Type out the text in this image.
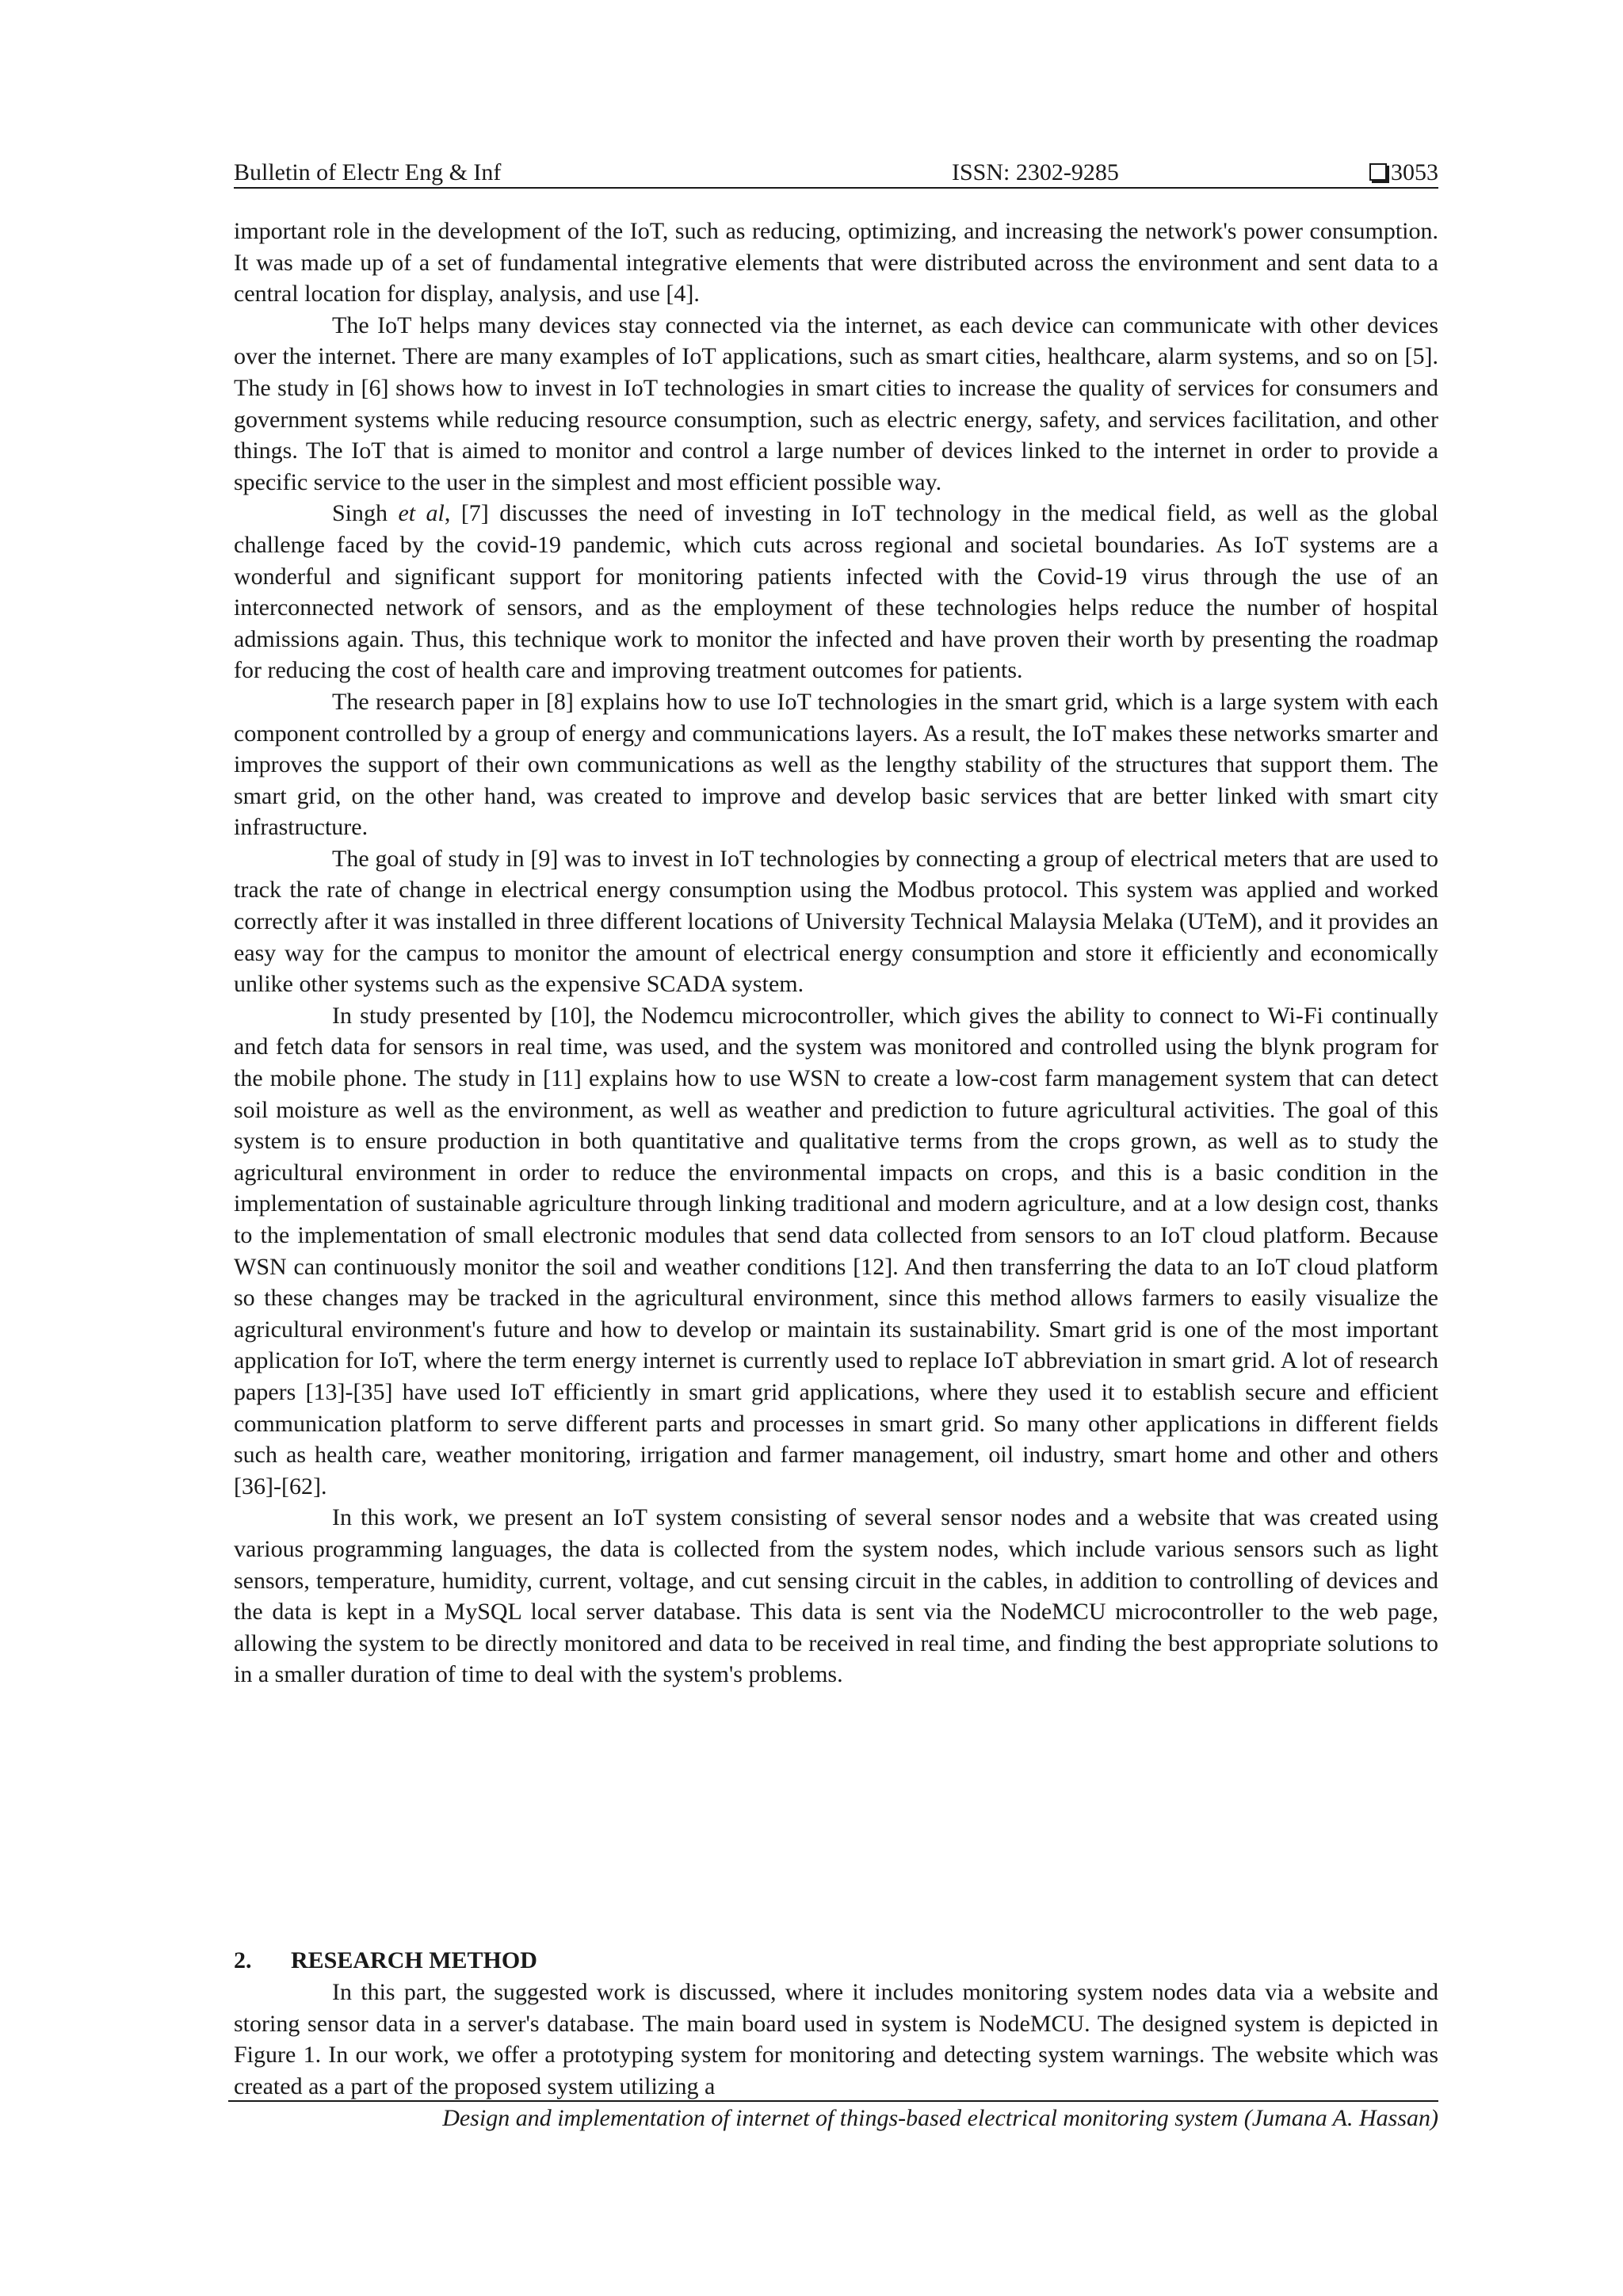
Bulletin of Electr Eng & Inf	ISSN: 2302-9285	3053

important role in the development of the IoT, such as reducing, optimizing, and increasing the network's power consumption. It was made up of a set of fundamental integrative elements that were distributed across the environment and sent data to a central location for display, analysis, and use [4].

The IoT helps many devices stay connected via the internet, as each device can communicate with other devices over the internet. There are many examples of IoT applications, such as smart cities, healthcare, alarm systems, and so on [5]. The study in [6] shows how to invest in IoT technologies in smart cities to increase the quality of services for consumers and government systems while reducing resource consumption, such as electric energy, safety, and services facilitation, and other things. The IoT that is aimed to monitor and control a large number of devices linked to the internet in order to provide a specific service to the user in the simplest and most efficient possible way.

Singh et al, [7] discusses the need of investing in IoT technology in the medical field, as well as the global challenge faced by the covid-19 pandemic, which cuts across regional and societal boundaries. As IoT systems are a wonderful and significant support for monitoring patients infected with the Covid-19 virus through the use of an interconnected network of sensors, and as the employment of these technologies helps reduce the number of hospital admissions again. Thus, this technique work to monitor the infected and have proven their worth by presenting the roadmap for reducing the cost of health care and improving treatment outcomes for patients.

The research paper in [8] explains how to use IoT technologies in the smart grid, which is a large system with each component controlled by a group of energy and communications layers. As a result, the IoT makes these networks smarter and improves the support of their own communications as well as the lengthy stability of the structures that support them. The smart grid, on the other hand, was created to improve and develop basic services that are better linked with smart city infrastructure.

The goal of study in [9] was to invest in IoT technologies by connecting a group of electrical meters that are used to track the rate of change in electrical energy consumption using the Modbus protocol. This system was applied and worked correctly after it was installed in three different locations of University Technical Malaysia Melaka (UTeM), and it provides an easy way for the campus to monitor the amount of electrical energy consumption and store it efficiently and economically unlike other systems such as the expensive SCADA system.

In study presented by [10], the Nodemcu microcontroller, which gives the ability to connect to Wi-Fi continually and fetch data for sensors in real time, was used, and the system was monitored and controlled using the blynk program for the mobile phone. The study in [11] explains how to use WSN to create a low-cost farm management system that can detect soil moisture as well as the environment, as well as weather and prediction to future agricultural activities. The goal of this system is to ensure production in both quantitative and qualitative terms from the crops grown, as well as to study the agricultural environment in order to reduce the environmental impacts on crops, and this is a basic condition in the implementation of sustainable agriculture through linking traditional and modern agriculture, and at a low design cost, thanks to the implementation of small electronic modules that send data collected from sensors to an IoT cloud platform. Because WSN can continuously monitor the soil and weather conditions [12]. And then transferring the data to an IoT cloud platform so these changes may be tracked in the agricultural environment, since this method allows farmers to easily visualize the agricultural environment's future and how to develop or maintain its sustainability. Smart grid is one of the most important application for IoT, where the term energy internet is currently used to replace IoT abbreviation in smart grid. A lot of research papers [13]-[35] have used IoT efficiently in smart grid applications, where they used it to establish secure and efficient communication platform to serve different parts and processes in smart grid. So many other applications in different fields such as health care, weather monitoring, irrigation and farmer management, oil industry, smart home and other and others [36]-[62].

In this work, we present an IoT system consisting of several sensor nodes and a website that was created using various programming languages, the data is collected from the system nodes, which include various sensors such as light sensors, temperature, humidity, current, voltage, and cut sensing circuit in the cables, in addition to controlling of devices and the data is kept in a MySQL local server database. This data is sent via the NodeMCU microcontroller to the web page, allowing the system to be directly monitored and data to be received in real time, and finding the best appropriate solutions to in a smaller duration of time to deal with the system's problems.

2. RESEARCH METHOD

In this part, the suggested work is discussed, where it includes monitoring system nodes data via a website and storing sensor data in a server's database. The main board used in system is NodeMCU. The designed system is depicted in Figure 1. In our work, we offer a prototyping system for monitoring and detecting system warnings. The website which was created as a part of the proposed system utilizing a

Design and implementation of internet of things-based electrical monitoring system (Jumana A. Hassan)
